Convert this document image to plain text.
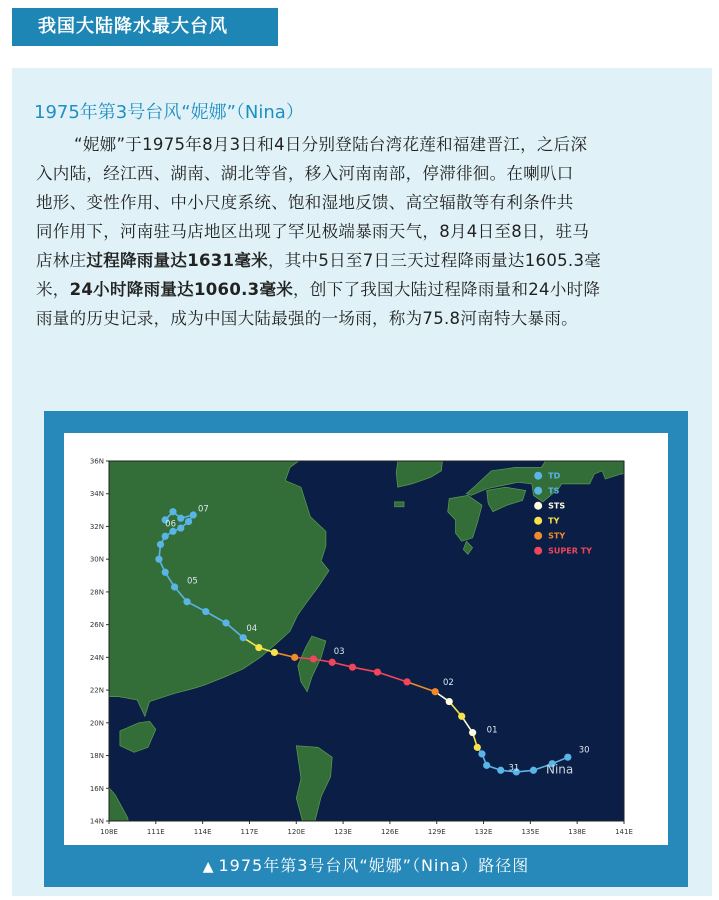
我国大陆降水最大台风
1975年第3号台风“妮娜”（Nina）
“妮娜”于1975年8月3日和4日分别登陆台湾花莲和福建晋江，之后深
入内陆，经江西、湖南、湖北等省，移入河南南部，停滞徘徊。在喇叭口
地形、变性作用、中小尺度系统、饱和湿地反馈、高空辐散等有利条件共
同作用下，河南驻马店地区出现了罕见极端暴雨天气，8月4日至8日，驻马
店林庄过程降雨量达1631毫米，其中5日至7日三天过程降雨量达1605.3毫
米，24小时降雨量达1060.3毫米，创下了我国大陆过程降雨量和24小时降
雨量的历史记录，成为中国大陆最强的一场雨，称为75.8河南特大暴雨。
108E	111E	114E	117E	120E	123E	126E	129E	132E	135E	138E	141E
14N
16N
18N
20N
22N
24N
26N
28N
30N
32N
34N
36N
30
31
01
02
03
04
05
07
06
Nina
TD
TS
STS
TY
STY
SUPER TY
▲ 1975年第3号台风“妮娜”（Nina）路径图
